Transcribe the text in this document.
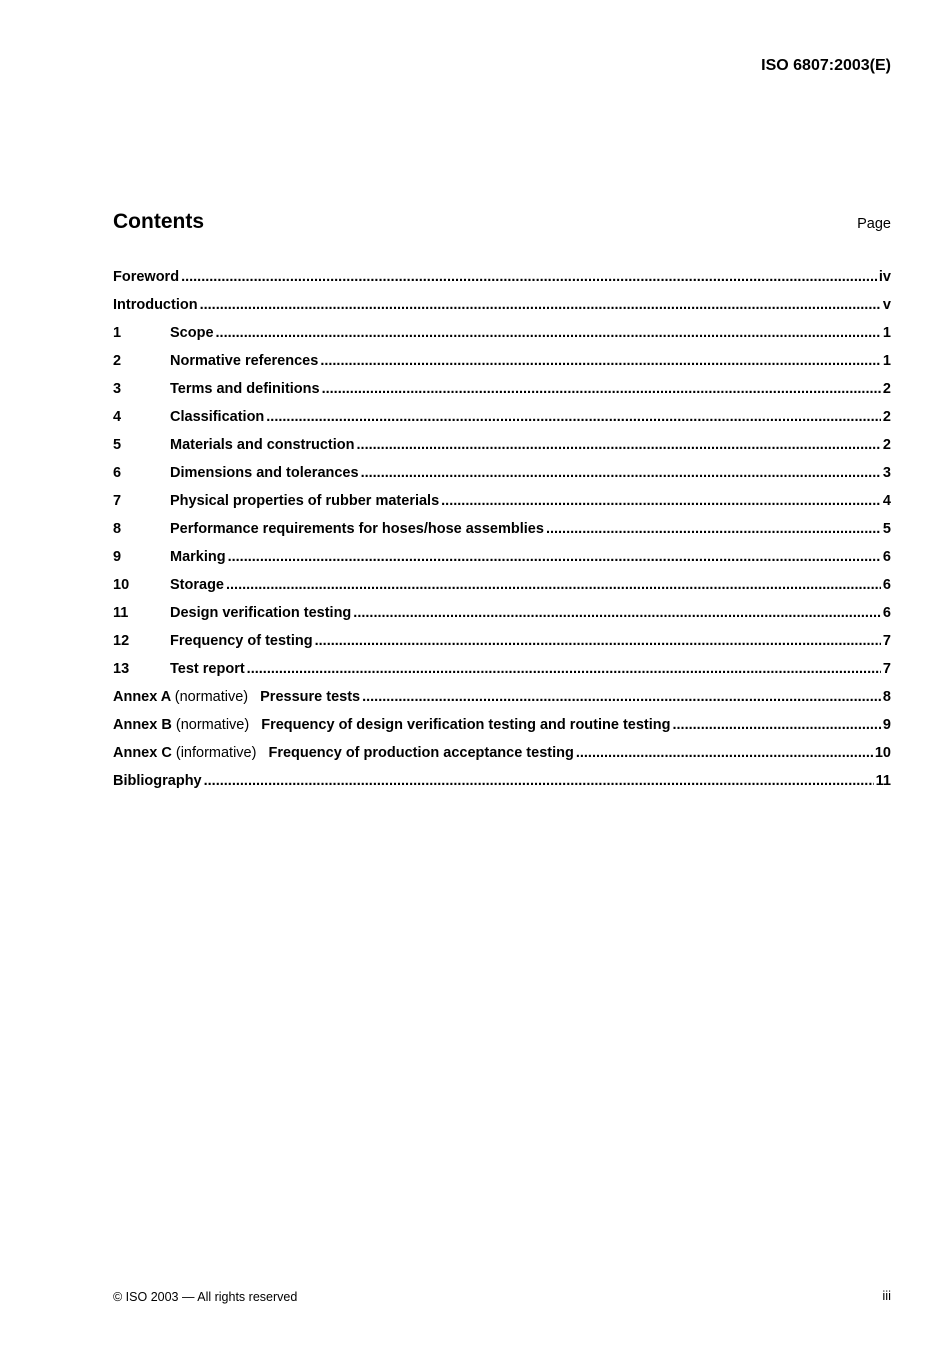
ISO 6807:2003(E)
Contents	Page
Foreword .....	iv
Introduction .....	v
1	Scope .....	1
2	Normative references .....	1
3	Terms and definitions .....	2
4	Classification .....	2
5	Materials and construction .....	2
6	Dimensions and tolerances .....	3
7	Physical properties of rubber materials .....	4
8	Performance requirements for hoses/hose assemblies .....	5
9	Marking .....	6
10	Storage .....	6
11	Design verification testing .....	6
12	Frequency of testing .....	7
13	Test report .....	7
Annex A (normative) Pressure tests .....	8
Annex B (normative) Frequency of design verification testing and routine testing .....	9
Annex C (informative) Frequency of production acceptance testing .....	10
Bibliography .....	11
© ISO 2003 — All rights reserved	iii
